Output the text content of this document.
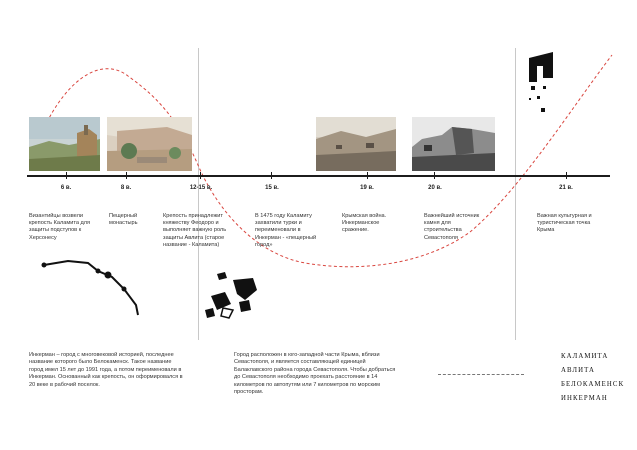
6 в.	8 в.	12-15 в.	15 в.	19 в.	20 в.	21 в.
Византийцы возвели крепость Каламита для защиты подступов к Херсонесу
Пещерный монастырь
Крепость принадлежит княжеству Феодоро и выполняет важную роль защиты Авлита (старое название - Каламита)
В 1475 году Каламиту захватили турки и переименовали в Инкерман - «пещерный город»
Крымская война. Инкерманское сражение.
Важнейший источник камня для строительства Севастополя
Важная культурная и туристическая точка Крыма
Инкерман – город с многовековой историей, последнее название которого было Белокаменск. Такое название город имел 15 лет до 1991 года, а потом переименовали в Инкерман. Основанный как крепость, он оформировался в 20 веке в рабочий поселок.
Город расположен в юго-западной части Крыма, вблизи Севастополя, и является составляющей единицей Балаклавского района города Севастополя. Чтобы добраться до Севастополя необходимо проехать расстояние в 14 километров по автопутям или 7 километров по морским просторам.
КАЛАМИТА
АВЛИТА
БЕЛОКАМЕНСК
ИНКЕРМАН
